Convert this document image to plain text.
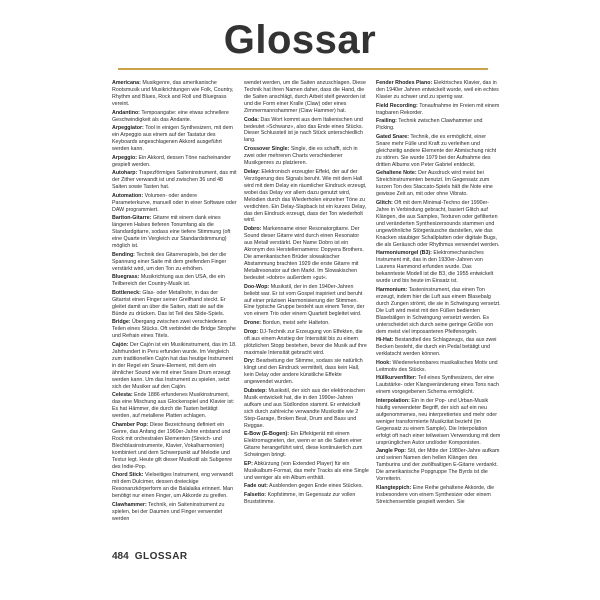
Glossar

Americana: Musikgenre, das amerikanische Rootsmusik und Musikrichtungen wie Folk, Country, Rhythm and Blues, Rock and Roll und Bluegrass vereint.

Andantino: Tempoangabe: eine etwas schnellere Geschwindigkeit als das Andante.

Arpeggiator: Tool in einigen Synthesizern, mit dem ein Arpeggio aus einem auf der Tastatur des Keyboards angeschlagenen Akkord ausgeführt werden kann.

Arpeggio: Ein Akkord, dessen Töne nacheinander gespielt werden.

Autoharp: Trapezförmiges Saiteninstrument, das mit der Zither verwandt ist und zwischen 36 und 48 Saiten sowie Tasten hat.

Automation: Volumen- oder andere Parameterkurve, manuell oder in einer Software oder DAW programmiert.

Bariton-Gitarre: Gitarre mit einem dank eines längeren Halses tieferen Tonumfang als die Standardgitarre, sodass eine tiefere Stimmung (oft eine Quarte im Vergleich zur Standardstimmung) möglich ist.

Bending: Technik des Gitarrenspiels, bei der die Spannung einer Saite mit dem greifenden Finger verstärkt wird, um den Ton zu erhöhen.

Bluegrass: Musikrichtung aus den USA, die ein Teilbereich der Country-Musik ist.

Bottleneck: Glas- oder Metallrohr, in das der Gitarrist einen Finger seiner Greifhand steckt. Er gleitet damit an über die Saiten, statt sie auf die Bünde zu drücken. Das ist Teil des Slide-Spiels.

Bridge: Übergang zwischen zwei verschiedenen Teilen eines Stücks. Oft verbindet die Bridge Strophe und Refrain eines Titels.

Cajón: Der Cajón ist ein Musikinstrument, das im 18. Jahrhundert in Peru erfunden wurde. Im Vergleich zum traditionellen Cajón hat das heutige Instrument in der Regel ein Snare-Element, mit dem ein ähnlicher Sound wie mit einer Snare Drum erzeugt werden kann. Um das Instrument zu spielen, setzt sich der Musiker auf den Cajón.

Celesta: Ende 1886 erfundenes Musikinstrument, das eine Mischung aus Glockenspiel und Klavier ist: Es hat Hämmer, die durch die Tasten betätigt werden, auf metallene Platten schlagen.

Chamber Pop: Diese Bezeichnung definiert ein Genre, das Anfang der 1960er-Jahre entstand und Rock mit orchestralen Elementen (Streich- und Blechblasinstrumente, Klavier, Vokalharmonien) kombiniert und dem Schwerpunkt auf Melodie und Textur legt. Heute gilt dieser Musikstil als Subgenre des Indie-Pop.

Chord Stick: Vielseitiges Instrument, eng verwandt mit dem Dulcimer, dessen dreieckige Resonanzkörperform an die Balalaika erinnert. Man benötigt nur einen Finger, um Akkorde zu greifen.

Clawhammer: Technik, ein Saiteninstrument zu spielen, bei der Daumen und Finger verwendet werden

wendet werden, um die Saiten anzuschlagen. Diese Technik hat ihren Namen daher, dass die Hand, die die Saiten anschlägt, durch Arbeit steif geworden ist und die Form einer Kralle (Claw) oder eines Zimmermannshammer (Claw Hammer) hat.

Coda: Das Wort kommt aus dem Italienischen und bedeutet »Schwanz«, also das Ende eines Stücks. Dieser Schlussteil ist je nach Stück unterschiedlich lang.

Crossover Single: Single, die es schafft, sich in zwei oder mehreren Charts verschiedener Musikgenres zu platzieren.

Delay: Elektronisch erzeugter Effekt, der auf der Verzögerung des Signals beruht. Wie mit dem Hall wird mit dem Delay ein räumlicher Eindruck erzeugt, wobei das Delay vor allem dazu genutzt wird, Melodien durch das Wiederholen einzelner Töne zu verdichten. Ein Delay-Slapback ist ein kurzes Delay, das den Eindruck erzeugt, dass der Ton wiederholt wird.

Dobro: Markenname einer Resonatorgitarre. Der Sound dieser Gitarre wird durch einen Resonator aus Metall verstärkt. Der Name Dobro ist ein Akronym des Herstellernamens: Dopyera Brothers. Die amerikanischen Brüder slowakischer Abstammung brachten 1929 die erste Gitarre mit Metallresonator auf den Markt. Im Slowakischen bedeutet »dobro« außerdem »gut«.

Doo-Wop: Musikstil, der in den 1940er-Jahren beliebt war. Er ist vom Gospel inspiriert und beruht auf einer präzisen Harmonisierung der Stimmen. Eine typische Gruppe besteht aus einem Tenor, der von einem Trio oder einem Quartett begleitet wird.

Drone: Bordun, meist sehr Halteton.

Drop: DJ-Technik zur Erzeugung von Effekten, die oft aus einem Anstieg der Intensität bis zu einem plötzlichen Stopp bestehen, bevor die Musik auf ihre maximale Intensität gebracht wird.

Dry: Bearbeitung der Stimme, sodass sie natürlich klingt und den Eindruck vermittelt, dass kein Hall, kein Delay oder andere künstliche Effekte angewendet wurden.

Dubstep: Musikstil, der sich aus der elektronischen Musik entwickelt hat, die in den 1990er-Jahren aufkam und aus Südlondon stammt. Er entwickelt sich durch zahlreiche verwandte Musikstile wie 2 Step-Garage, Broken Beat, Drum and Bass und Reggae.

E-Bow (E-Bogen): Ein Effektgerät mit einem Elektromagneten, der, wenn er an die Saiten einer Gitarre herangeführt wird, diese kontinuierlich zum Schwingen bringt.

EP: Abkürzung (von Extended Player) für ein Musikalbum-Format, das mehr Tracks als eine Single und weniger als ein Album enthält.

Fade out: Ausblenden gegen Ende eines Stückes.

Falsetto: Kopfstimme, im Gegensatz zur vollen Bruststimme.

Fender Rhodes Piano: Elektrisches Klavier, das in den 1940er Jahren entwickelt wurde, weil ein echtes Klavier zu schwer und zu sperrig war.

Field Recording: Tonaufnahme im Freien mit einem tragbaren Rekorder.

Frailing: Technik zwischen Clawhammer und Picking.

Gated Snare: Technik, die es ermöglicht, einer Snare mehr Fülle und Kraft zu verleihen und gleichzeitig andere Elemente der Abmischung nicht zu stören. Sie wurde 1979 bei der Aufnahme des dritten Albums von Peter Gabriel entdeckt.

Gehaltene Note: Der Ausdruck wird meist bei Streichinstrumenten benutzt. Im Gegensatz zum kurzen Ton des Staccato-Spiels hält die Note eine gewisse Zeit an, mit oder ohne Vibrato.

Glitch: Oft mit dem Minimal-Techno der 1990er-Jahre in Verbindung gebracht, basiert Glitch auf Klängen, die aus Samples, Texturen oder gefilterten und veränderten Synthesizersounds stammen und ungewöhnliche Störgeräusche darstellen, wie das Knacken staubiger Schallplatten oder digitale Bugs, die als Geräusch oder Rhythmus verwendet werden.

Harmoniumorgel (B3): Elektromechanisches Instrument mit, das in den 1930er-Jahren von Laurens Hammond erfunden wurde. Das bekannteste Modell ist die B3, die 1955 entwickelt wurde und bis heute im Einsatz ist.

Harmonium: Tasteninstrument, das einen Ton erzeugt, indem hier die Luft aus einem Blasebalg durch Zungen strömt, die sie in Schwingung versetzt. Die Luft wird meist mit den Füßen bedienten Blasebälgen in Schwingung versetzt werden. Es unterscheidet sich durch seine geringe Größe von dem meist viel imposanteren Pfeifenorgeln.

Hi-Hat: Bestandteil des Schlagzeugs, das aus zwei Becken besteht, die durch ein Pedal betätigt und verklatscht werden können.

Hook: Wiedererkennbares musikalisches Motiv und Leitmotiv des Stücks.

Hüllkurvenfilter: Teil eines Synthesizers, der eine Lautstärke- oder Klangveränderung eines Tons nach einem vorgegebenen Schema ermöglicht.

Interpolation: Ein in der Pop- und Urban-Musik häufig verwendeter Begriff, der sich auf ein neu aufgenommenes, neu interpretiertes und mehr oder weniger transformierte Musikzitat bezieht (im Gegensatz zu einem Sample). Die Interpolation erfolgt oft nach einer teilweisen Verwendung mit dem ursprünglichen Autor und/oder Komponisten.

Jangle Pop: Stil, der Mitte der 1980er-Jahre aufkam und seinen Namen den hellen Klängen des Tamburins und der zwölfsaitigen E-Gitarre verdankt. Die amerikanische Popgruppe The Byrds ist die Vorreiterin.

Klangteppich: Eine Reihe gehaltene Akkorde, die insbesondere von einem Synthesizer oder einem Streichensemble gespielt werden. Sie

484 GLOSSAR
